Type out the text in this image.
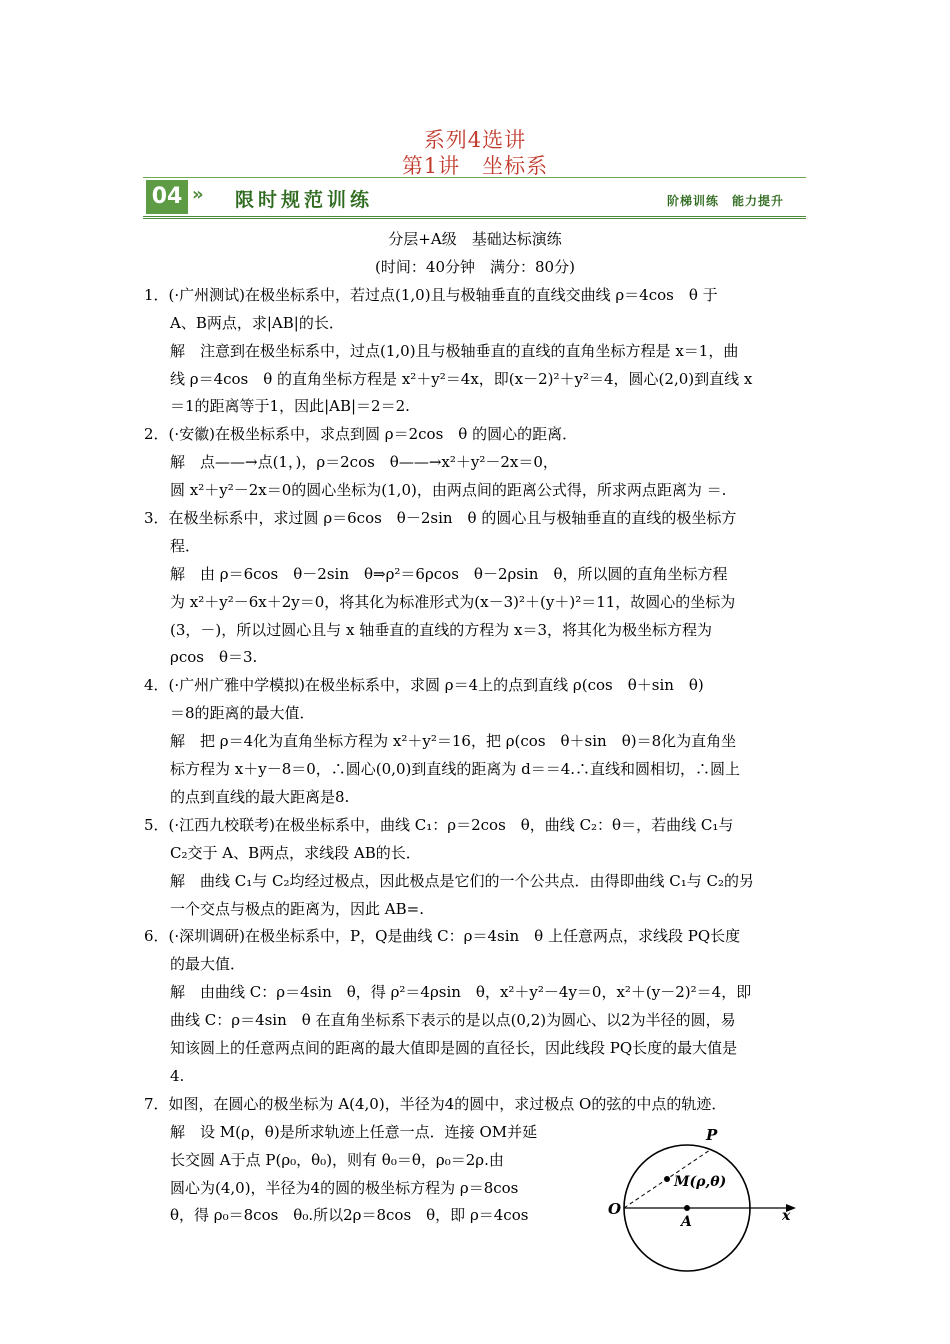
系列4选讲
第1讲　坐标系
04 » 限时规范训练	阶梯训练　能力提升
分层+A级　基础达标演练
(时间：40分钟　满分：80分)
1．(·广州测试)在极坐标系中，若过点(1,0)且与极轴垂直的直线交曲线 ρ＝4cos　θ 于
A、B两点，求|AB|的长．
解　注意到在极坐标系中，过点(1,0)且与极轴垂直的直线的直角坐标方程是 x＝1，曲
线 ρ＝4cos　θ 的直角坐标方程是 x²＋y²＝4x，即(x－2)²＋y²＝4，圆心(2,0)到直线 x
＝1的距离等于1，因此|AB|＝2＝2.
2．(·安徽)在极坐标系中，求点到圆 ρ＝2cos　θ 的圆心的距离．
解　点——→点(1，)，ρ＝2cos　θ——→x²＋y²－2x＝0，
圆 x²＋y²－2x＝0的圆心坐标为(1,0)，由两点间的距离公式得，所求两点距离为 ＝.
3．在极坐标系中，求过圆 ρ＝6cos　θ－2sin　θ 的圆心且与极轴垂直的直线的极坐标方
程．
解　由 ρ＝6cos　θ－2sin　θ⇒ρ²＝6ρcos　θ－2ρsin　θ，所以圆的直角坐标方程
为 x²＋y²－6x＋2y＝0，将其化为标准形式为(x－3)²＋(y＋)²＝11，故圆心的坐标为
(3，－)，所以过圆心且与 x 轴垂直的直线的方程为 x＝3，将其化为极坐标方程为
ρcos　θ＝3.
4．(·广州广雅中学模拟)在极坐标系中，求圆 ρ＝4上的点到直线 ρ(cos　θ＋sin　θ)
＝8的距离的最大值．
解　把 ρ＝4化为直角坐标方程为 x²＋y²＝16，把 ρ(cos　θ＋sin　θ)＝8化为直角坐
标方程为 x＋y－8＝0，∴圆心(0,0)到直线的距离为 d＝＝4.∴直线和圆相切，∴圆上
的点到直线的最大距离是8.
5．(·江西九校联考)在极坐标系中，曲线 C₁：ρ＝2cos　θ，曲线 C₂：θ＝，若曲线 C₁与
C₂交于 A、B两点，求线段 AB的长．
解　曲线 C₁与 C₂均经过极点，因此极点是它们的一个公共点．由得即曲线 C₁与 C₂的另
一个交点与极点的距离为，因此 AB=.
6．(·深圳调研)在极坐标系中，P，Q是曲线 C：ρ＝4sin　θ 上任意两点，求线段 PQ长度
的最大值．
解　由曲线 C：ρ＝4sin　θ，得 ρ²＝4ρsin　θ，x²＋y²－4y＝0，x²＋(y－2)²＝4，即
曲线 C：ρ＝4sin　θ 在直角坐标系下表示的是以点(0,2)为圆心、以2为半径的圆，易
知该圆上的任意两点间的距离的最大值即是圆的直径长，因此线段 PQ长度的最大值是
4.
7．如图，在圆心的极坐标为 A(4,0)，半径为4的圆中，求过极点 O的弦的中点的轨迹．
解　设 M(ρ，θ)是所求轨迹上任意一点．连接 OM并延
长交圆 A于点 P(ρ₀，θ₀)，则有 θ₀＝θ，ρ₀＝2ρ.由
圆心为(4,0)，半径为4的圆的极坐标方程为 ρ＝8cos
θ，得 ρ₀＝8cos　θ₀.所以2ρ＝8cos　θ，即 ρ＝4cos
P
M(ρ,θ)
O
A	x
